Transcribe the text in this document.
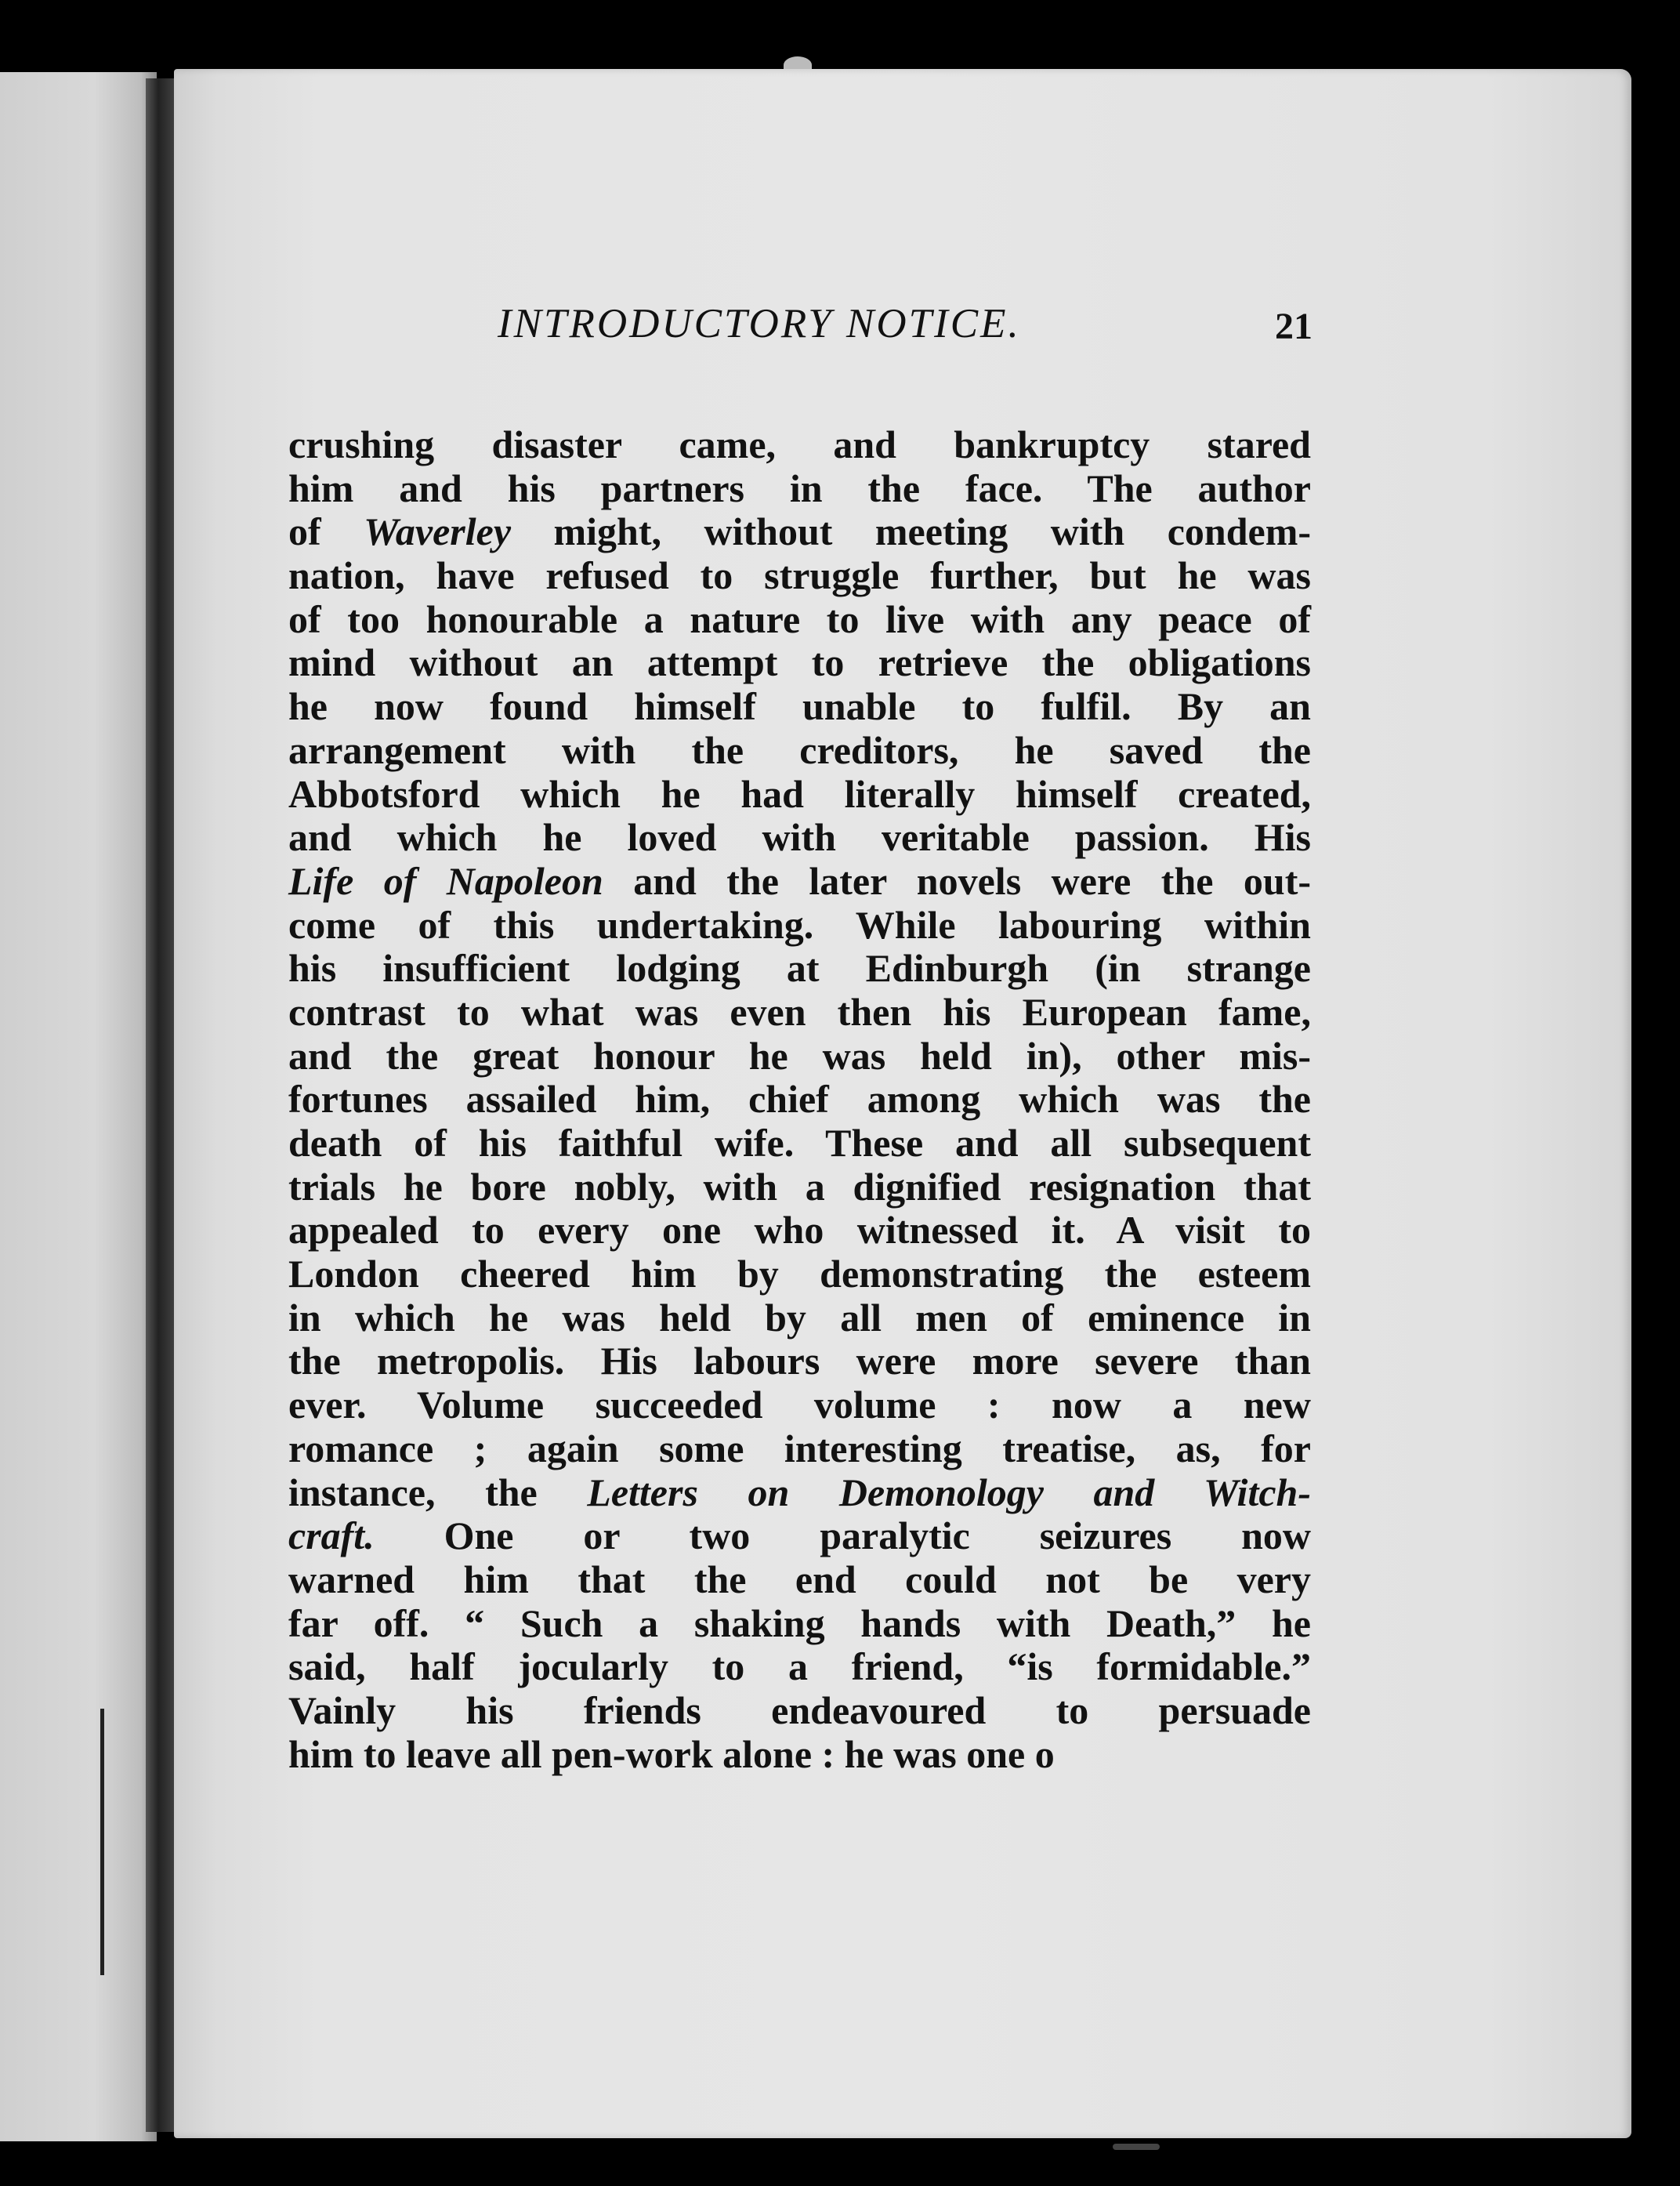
INTRODUCTORY NOTICE.	21
crushing disaster came, and bankruptcy stared
him and his partners in the face. The author
of Waverley might, without meeting with condem-
nation, have refused to struggle further, but he was
of too honourable a nature to live with any peace of
mind without an attempt to retrieve the obligations
he now found himself unable to fulfil. By an
arrangement with the creditors, he saved the
Abbotsford which he had literally himself created,
and which he loved with veritable passion. His
Life of Napoleon and the later novels were the out-
come of this undertaking. While labouring within
his insufficient lodging at Edinburgh (in strange
contrast to what was even then his European fame,
and the great honour he was held in), other mis-
fortunes assailed him, chief among which was the
death of his faithful wife. These and all subsequent
trials he bore nobly, with a dignified resignation that
appealed to every one who witnessed it. A visit to
London cheered him by demonstrating the esteem
in which he was held by all men of eminence in
the metropolis. His labours were more severe than
ever. Volume succeeded volume : now a new
romance ; again some interesting treatise, as, for
instance, the Letters on Demonology and Witch-
craft. One or two paralytic seizures now
warned him that the end could not be very
far off. “ Such a shaking hands with Death,” he
said, half jocularly to a friend, “is formidable.”
Vainly his friends endeavoured to persuade
him to leave all pen-work alone : he was one o
